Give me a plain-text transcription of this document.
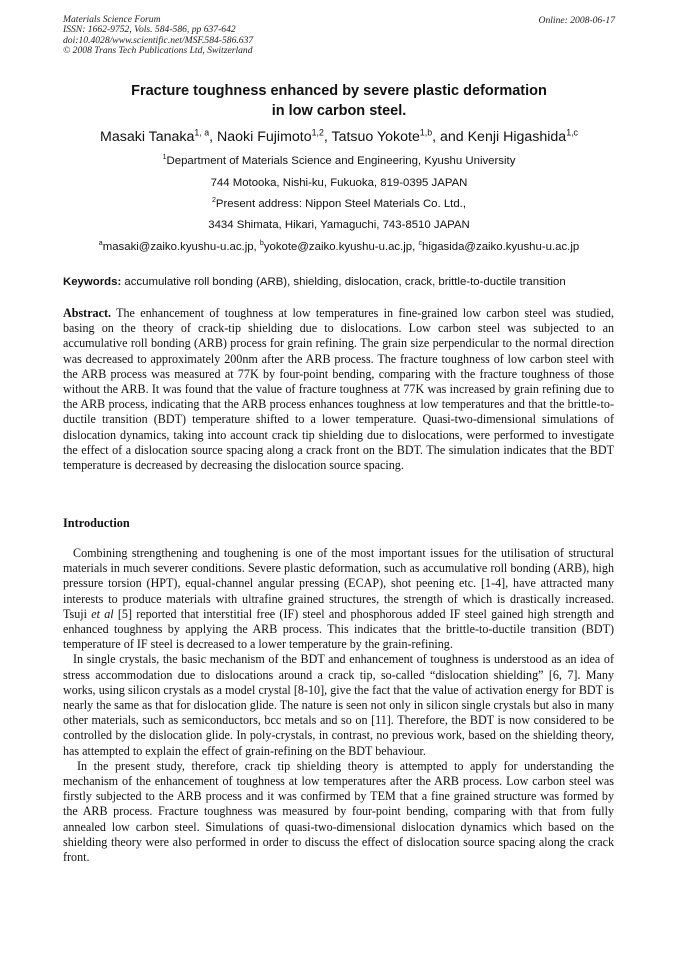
Materials Science Forum
ISSN: 1662-9752, Vols. 584-586, pp 637-642
doi:10.4028/www.scientific.net/MSF.584-586.637
© 2008 Trans Tech Publications Ltd, Switzerland
Online: 2008-06-17
Fracture toughness enhanced by severe plastic deformation
in low carbon steel.
Masaki Tanaka$^{1, a}$, Naoki Fujimoto$^{1,2}$, Tatsuo Yokote$^{1,b}$, and Kenji Higashida$^{1,c}$
$^1$Department of Materials Science and Engineering, Kyushu University
744 Motooka, Nishi-ku, Fukuoka, 819-0395 JAPAN
$^2$Present address: Nippon Steel Materials Co. Ltd.,
3434 Shimata, Hikari, Yamaguchi, 743-8510 JAPAN
$^a$masaki@zaiko.kyushu-u.ac.jp, $^b$yokote@zaiko.kyushu-u.ac.jp, $^c$higasida@zaiko.kyushu-u.ac.jp
Keywords: accumulative roll bonding (ARB), shielding, dislocation, crack, brittle-to-ductile transition
Abstract. The enhancement of toughness at low temperatures in fine-grained low carbon steel was studied, basing on the theory of crack-tip shielding due to dislocations. Low carbon steel was subjected to an accumulative roll bonding (ARB) process for grain refining. The grain size perpendicular to the normal direction was decreased to approximately 200nm after the ARB process. The fracture toughness of low carbon steel with the ARB process was measured at 77K by four-point bending, comparing with the fracture toughness of those without the ARB. It was found that the value of fracture toughness at 77K was increased by grain refining due to the ARB process, indicating that the ARB process enhances toughness at low temperatures and that the brittle-to-ductile transition (BDT) temperature shifted to a lower temperature. Quasi-two-dimensional simulations of dislocation dynamics, taking into account crack tip shielding due to dislocations, were performed to investigate the effect of a dislocation source spacing along a crack front on the BDT. The simulation indicates that the BDT temperature is decreased by decreasing the dislocation source spacing.
Introduction

Combining strengthening and toughening is one of the most important issues for the utilisation of structural materials in much severer conditions. Severe plastic deformation, such as accumulative roll bonding (ARB), high pressure torsion (HPT), equal-channel angular pressing (ECAP), shot peening etc. [1-4], have attracted many interests to produce materials with ultrafine grained structures, the strength of which is drastically increased. Tsuji et al [5] reported that interstitial free (IF) steel and phosphorous added IF steel gained high strength and enhanced toughness by applying the ARB process. This indicates that the brittle-to-ductile transition (BDT) temperature of IF steel is decreased to a lower temperature by the grain-refining.

In single crystals, the basic mechanism of the BDT and enhancement of toughness is understood as an idea of stress accommodation due to dislocations around a crack tip, so-called “dislocation shielding” [6, 7]. Many works, using silicon crystals as a model crystal [8-10], give the fact that the value of activation energy for BDT is nearly the same as that for dislocation glide. The nature is seen not only in silicon single crystals but also in many other materials, such as semiconductors, bcc metals and so on [11]. Therefore, the BDT is now considered to be controlled by the dislocation glide. In poly-crystals, in contrast, no previous work, based on the shielding theory, has attempted to explain the effect of grain-refining on the BDT behaviour.

In the present study, therefore, crack tip shielding theory is attempted to apply for understanding the mechanism of the enhancement of toughness at low temperatures after the ARB process. Low carbon steel was firstly subjected to the ARB process and it was confirmed by TEM that a fine grained structure was formed by the ARB process. Fracture toughness was measured by four-point bending, comparing with that from fully annealed low carbon steel. Simulations of quasi-two-dimensional dislocation dynamics which based on the shielding theory were also performed in order to discuss the effect of dislocation source spacing along the crack front.
